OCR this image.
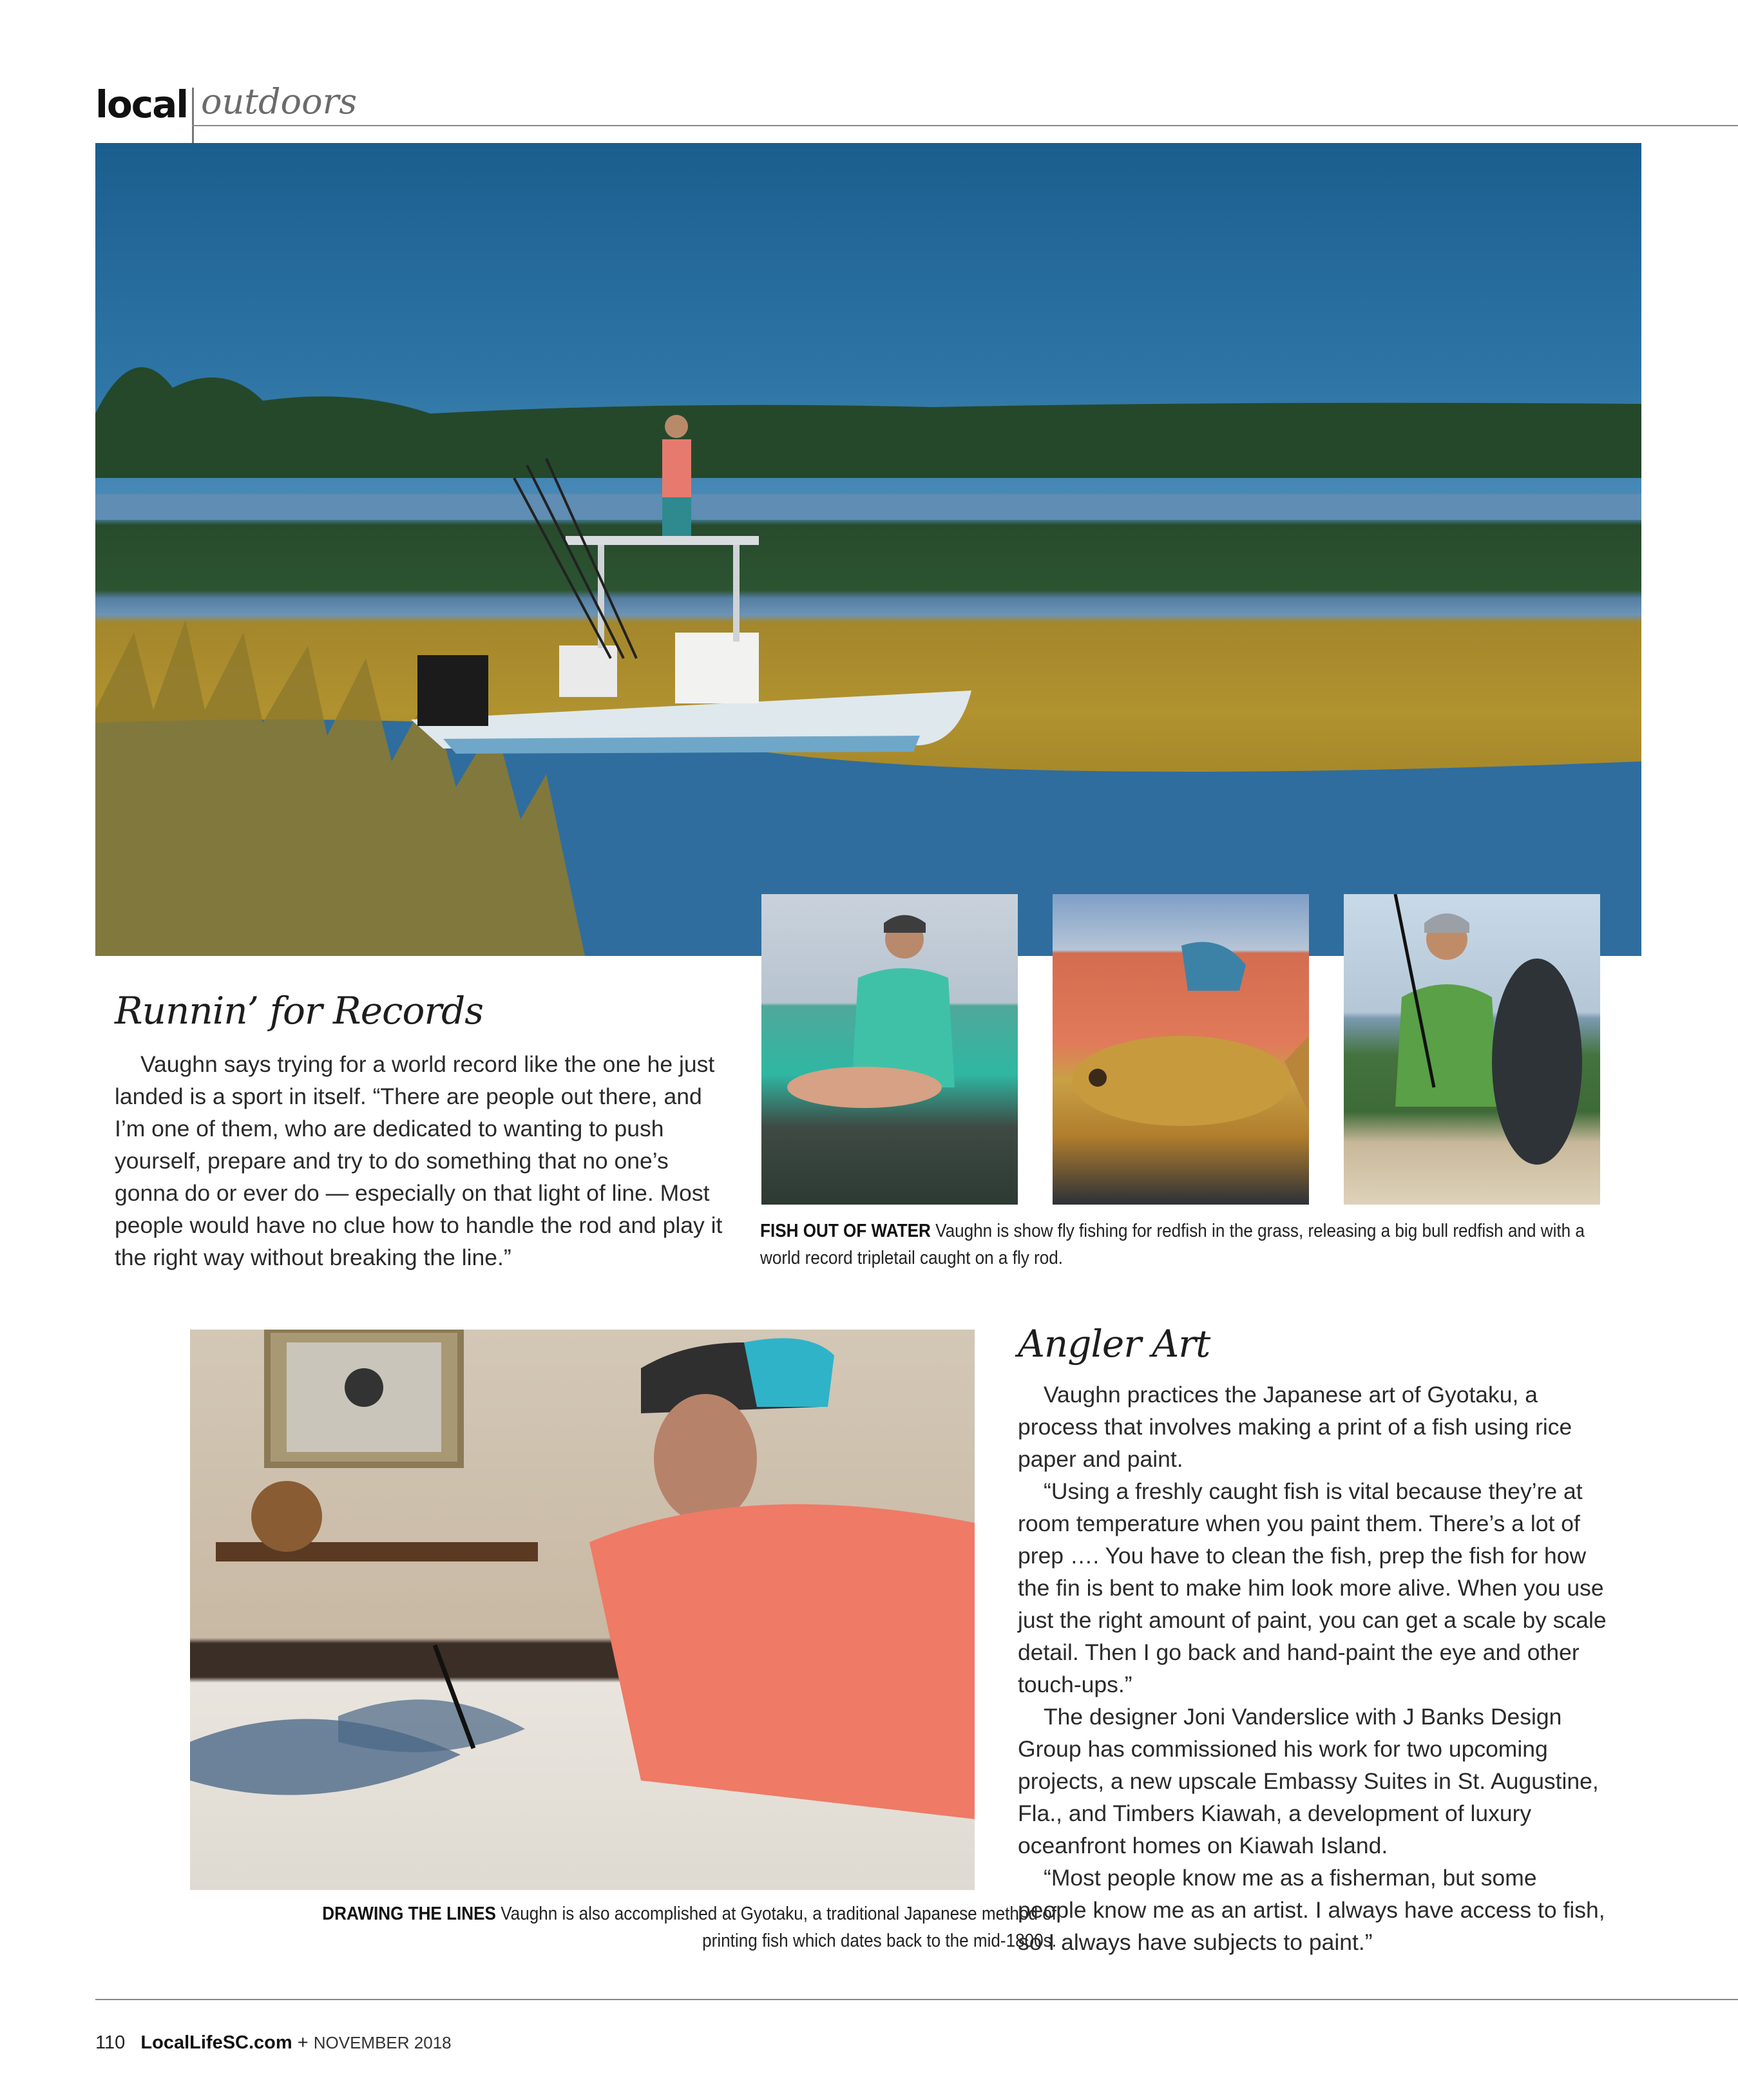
local outdoors
Runnin’ for Records

Vaughn says trying for a world record like the one he just landed is a sport in itself. “There are people out there, and I’m one of them, who are dedicated to wanting to push yourself, prepare and try to do something that no one’s gonna do or ever do — especially on that light of line. Most people would have no clue how to handle the rod and play it the right way without breaking the line.”

FISH OUT OF WATER Vaughn is show fly fishing for redfish in the grass, releasing a big bull redfish and with a world record tripletail caught on a fly rod.
DRAWING THE LINES Vaughn is also accomplished at Gyotaku, a traditional Japanese method of printing fish which dates back to the mid-1800s.
Angler Art

Vaughn practices the Japanese art of Gyotaku, a process that involves making a print of a fish using rice paper and paint.

“Using a freshly caught fish is vital because they’re at room temperature when you paint them. There’s a lot of prep …. You have to clean the fish, prep the fish for how the fin is bent to make him look more alive. When you use just the right amount of paint, you can get a scale by scale detail. Then I go back and hand-paint the eye and other touch-ups.”

The designer Joni Vanderslice with J Banks Design Group has commissioned his work for two upcoming projects, a new upscale Embassy Suites in St. Augustine, Fla., and Timbers Kiawah, a development of luxury oceanfront homes on Kiawah Island.

“Most people know me as a fisherman, but some people know me as an artist. I always have access to fish, so I always have subjects to paint.”

110 LocalLifeSC.com + NOVEMBER 2018
